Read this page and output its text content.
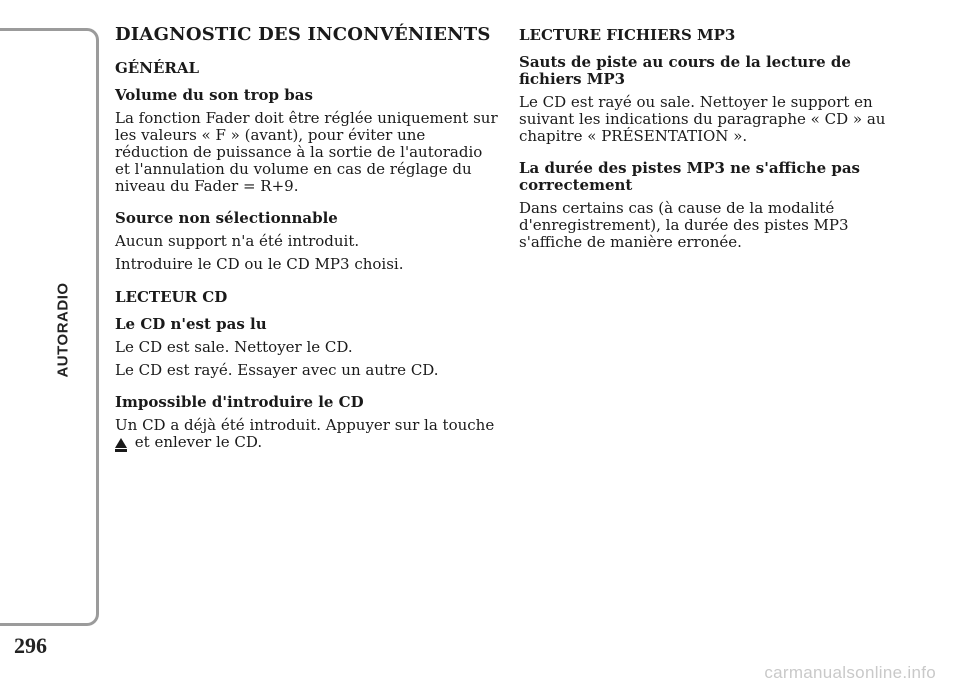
AUTORADIO
296
DIAGNOSTIC DES INCONVÉNIENTS
GÉNÉRAL
Volume du son trop bas

La fonction Fader doit être réglée uniquement sur les valeurs « F » (avant), pour éviter une réduction de puissance à la sortie de l'autoradio et l'annulation du volume en cas de réglage du niveau du Fader = R+9.

Source non sélectionnable

Aucun support n'a été introduit.

Introduire le CD ou le CD MP3 choisi.

LECTEUR CD
Le CD n'est pas lu

Le CD est sale. Nettoyer le CD.

Le CD est rayé. Essayer avec un autre CD.

Impossible d'introduire le CD

Un CD a déjà été introduit. Appuyer sur la touche
et enlever le CD.

LECTURE FICHIERS MP3
Sauts de piste au cours de la lecture de fichiers MP3

Le CD est rayé ou sale. Nettoyer le support en suivant les indications du paragraphe « CD » au chapitre « PRÉSENTATION ».

La durée des pistes MP3 ne s'affiche pas correctement

Dans certains cas (à cause de la modalité d'enregistrement), la durée des pistes MP3 s'affiche de manière erronée.

carmanualsonline.info
